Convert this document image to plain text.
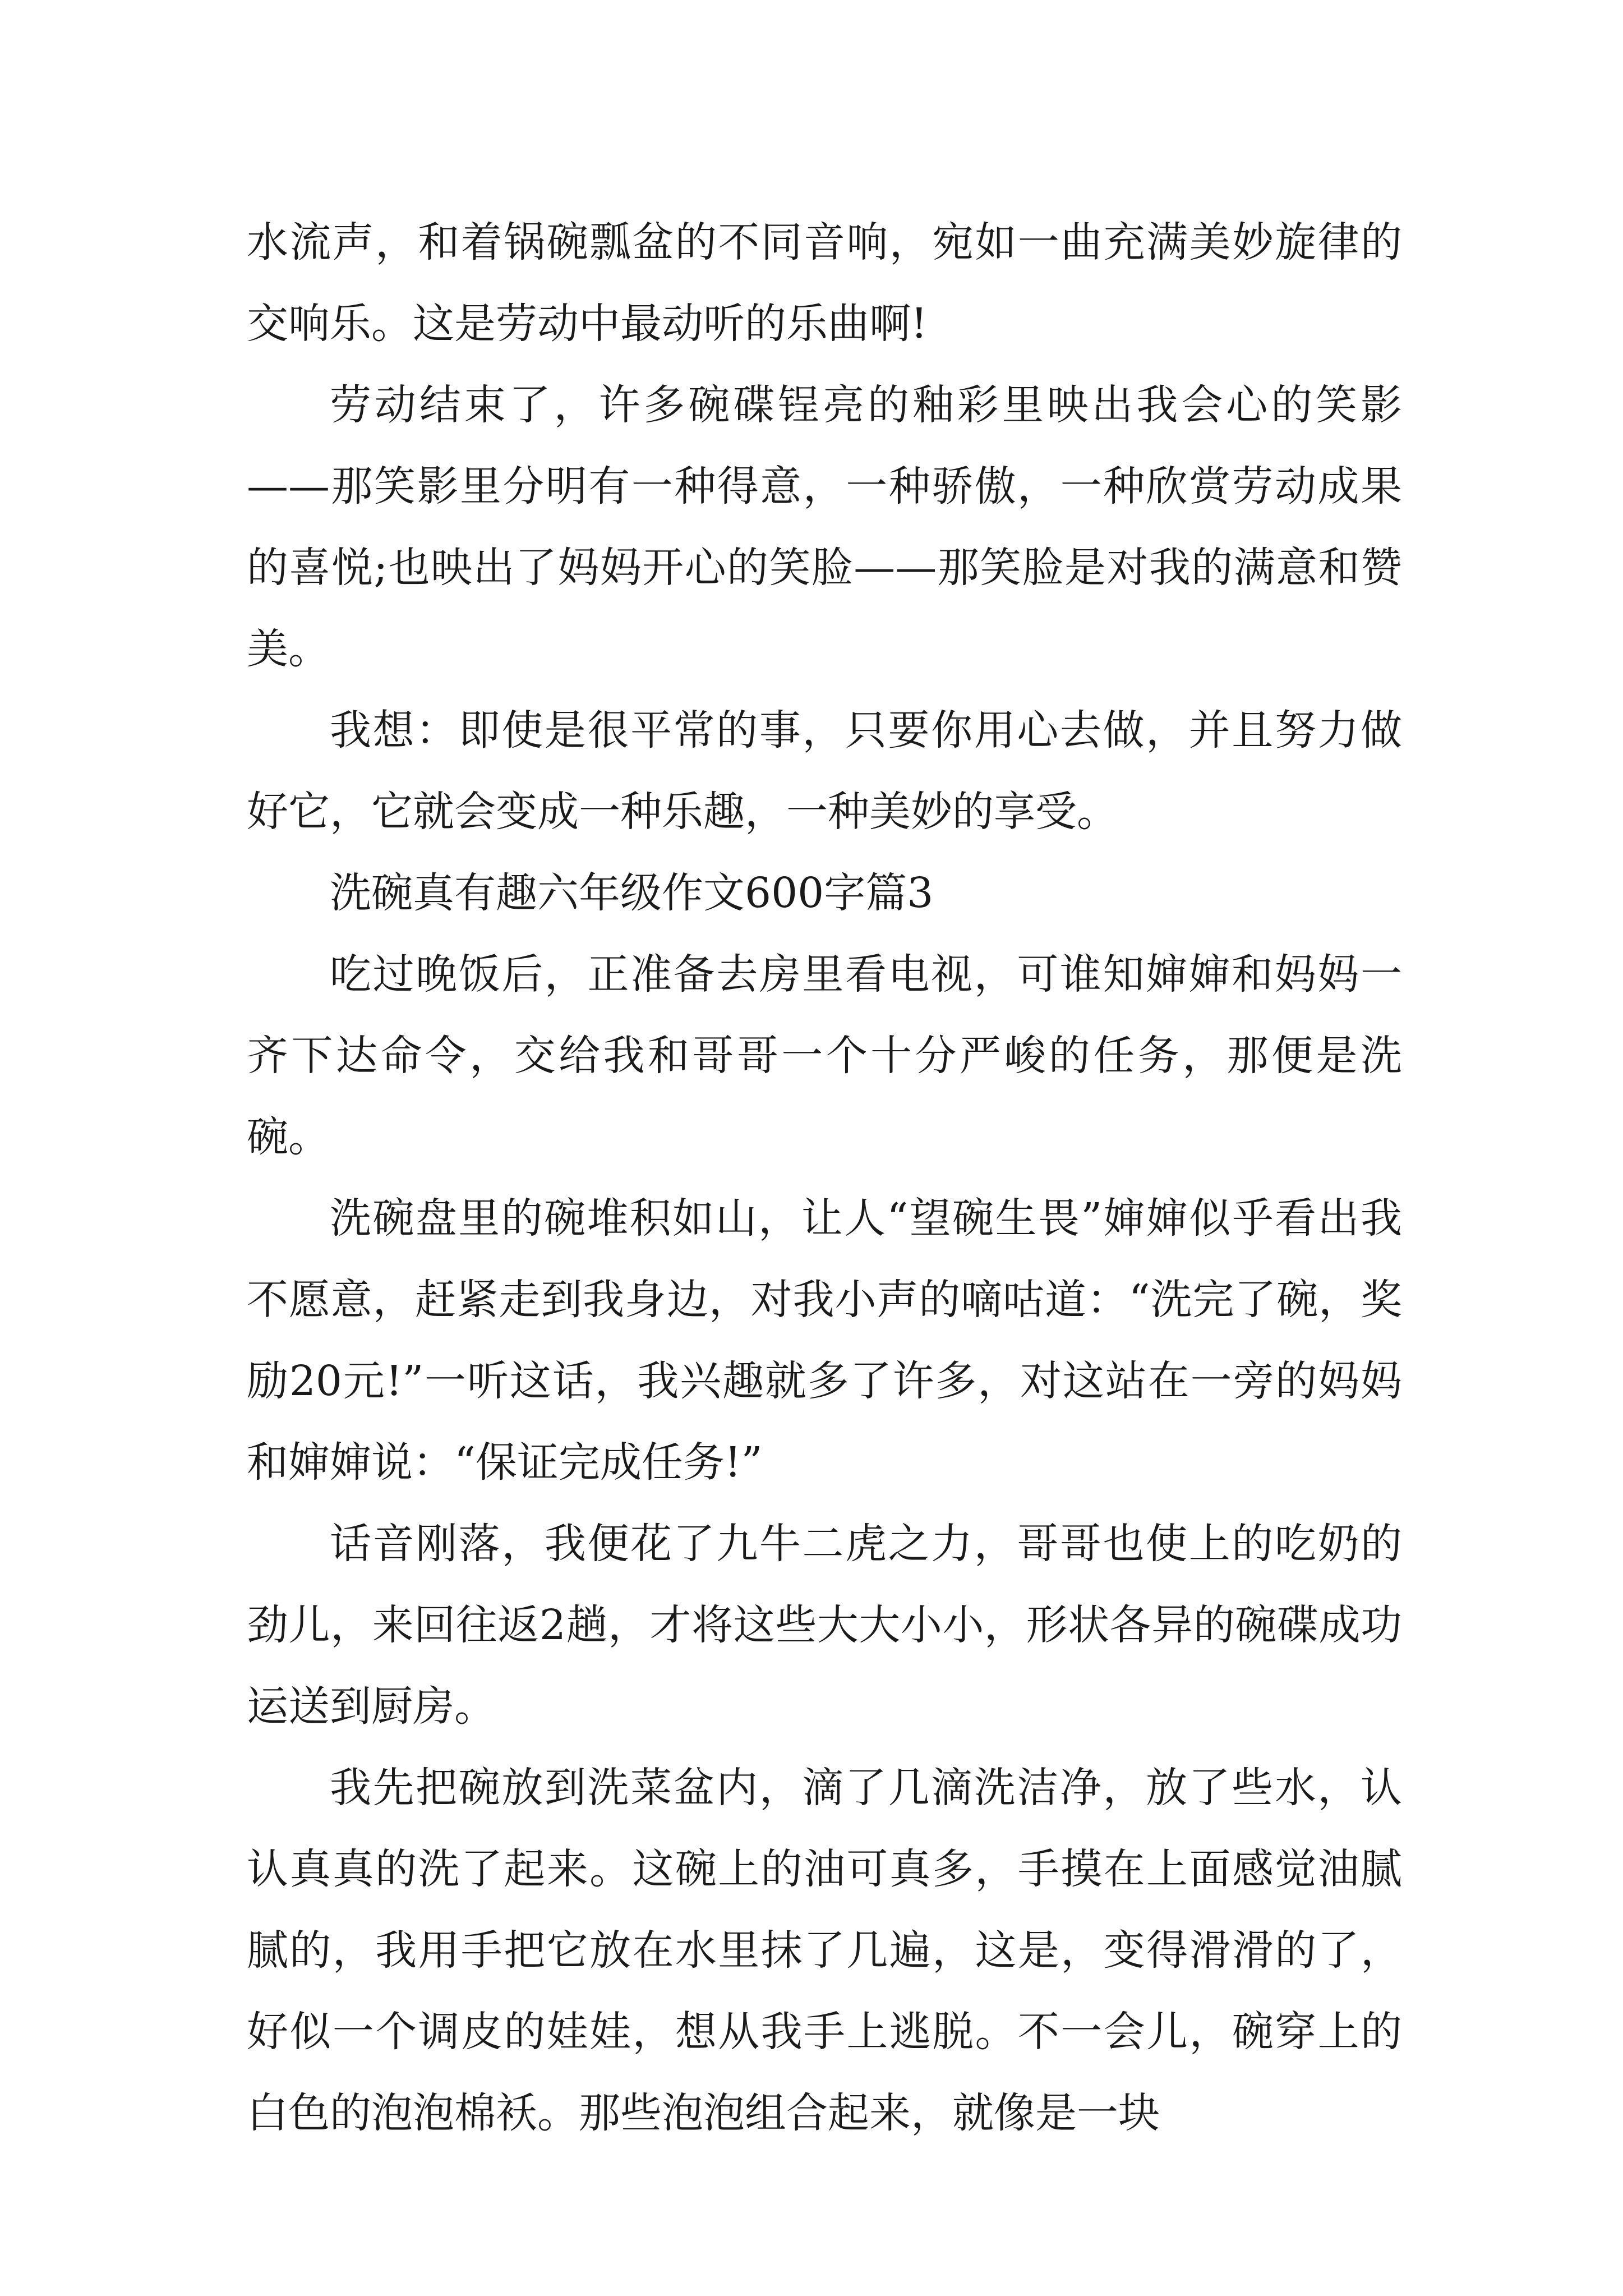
水流声，和着锅碗瓢盆的不同音响，宛如一曲充满美妙旋律的交响乐。这是劳动中最动听的乐曲啊!

劳动结束了，许多碗碟锃亮的釉彩里映出我会心的笑影——那笑影里分明有一种得意，一种骄傲，一种欣赏劳动成果的喜悦;也映出了妈妈开心的笑脸——那笑脸是对我的满意和赞美。

我想：即使是很平常的事，只要你用心去做，并且努力做好它，它就会变成一种乐趣，一种美妙的享受。

洗碗真有趣六年级作文600字篇3

吃过晚饭后，正准备去房里看电视，可谁知婶婶和妈妈一齐下达命令，交给我和哥哥一个十分严峻的任务，那便是洗碗。

洗碗盘里的碗堆积如山，让人“望碗生畏”婶婶似乎看出我不愿意，赶紧走到我身边，对我小声的嘀咕道：“洗完了碗，奖励20元!”一听这话，我兴趣就多了许多，对这站在一旁的妈妈和婶婶说：“保证完成任务!”

话音刚落，我便花了九牛二虎之力，哥哥也使上的吃奶的劲儿，来回往返2趟，才将这些大大小小，形状各异的碗碟成功运送到厨房。

我先把碗放到洗菜盆内，滴了几滴洗洁净，放了些水，认认真真的洗了起来。这碗上的油可真多，手摸在上面感觉油腻腻的，我用手把它放在水里抹了几遍，这是，变得滑滑的了，好似一个调皮的娃娃，想从我手上逃脱。不一会儿，碗穿上的白色的泡泡棉袄。那些泡泡组合起来，就像是一块
